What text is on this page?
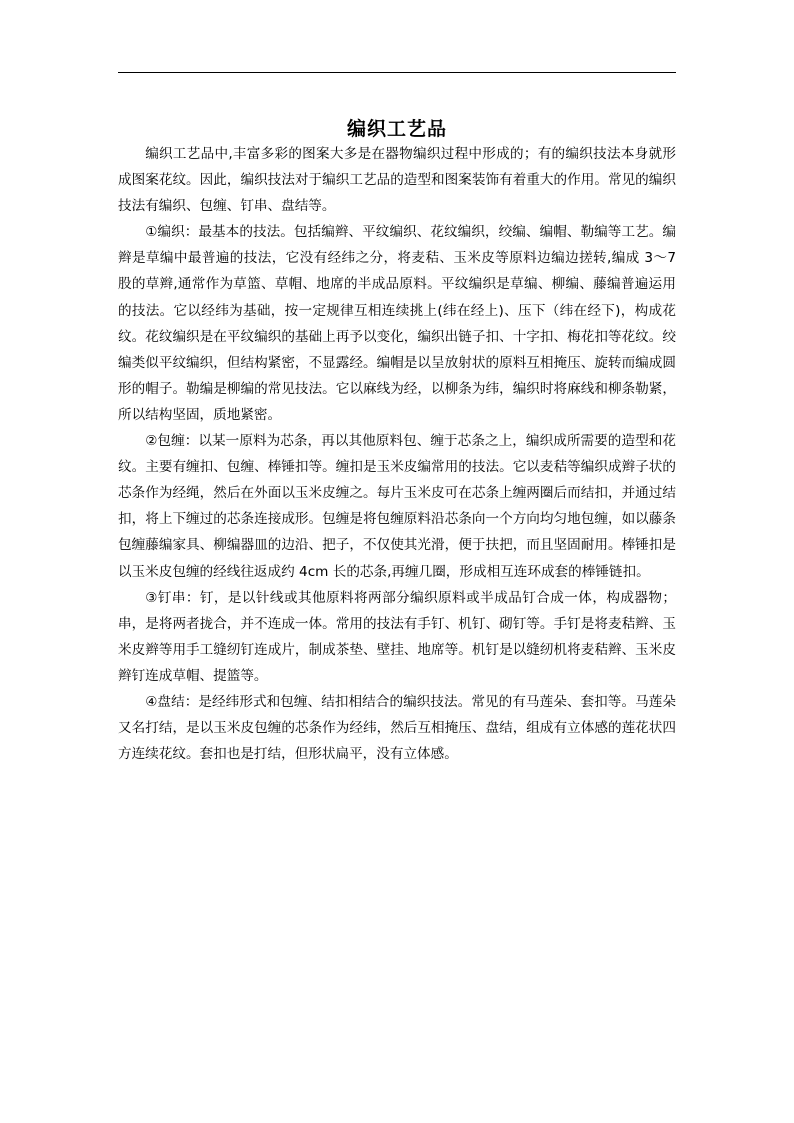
编织工艺品

编织工艺品中,丰富多彩的图案大多是在器物编织过程中形成的；有的编织技法本身就形成图案花纹。因此，编织技法对于编织工艺品的造型和图案装饰有着重大的作用。常见的编织技法有编织、包缠、钉串、盘结等。

①编织：最基本的技法。包括编辫、平纹编织、花纹编织，绞编、编帽、勒编等工艺。编辫是草编中最普遍的技法，它没有经纬之分，将麦秸、玉米皮等原料边编边搓转,编成 3～7 股的草辫,通常作为草篮、草帽、地席的半成品原料。平纹编织是草编、柳编、藤编普遍运用的技法。它以经纬为基础，按一定规律互相连续挑上(纬在经上)、压下（纬在经下)，构成花纹。花纹编织是在平纹编织的基础上再予以变化，编织出链子扣、十字扣、梅花扣等花纹。绞编类似平纹编织，但结构紧密，不显露经。编帽是以呈放射状的原料互相掩压、旋转而编成圆形的帽子。勒编是柳编的常见技法。它以麻线为经，以柳条为纬，编织时将麻线和柳条勒紧，所以结构坚固，质地紧密。

②包缠：以某一原料为芯条，再以其他原料包、缠于芯条之上，编织成所需要的造型和花纹。主要有缠扣、包缠、棒锤扣等。缠扣是玉米皮编常用的技法。它以麦秸等编织成辫子状的芯条作为经绳，然后在外面以玉米皮缠之。每片玉米皮可在芯条上缠两圈后而结扣，并通过结扣，将上下缠过的芯条连接成形。包缠是将包缠原料沿芯条向一个方向均匀地包缠，如以藤条包缠藤编家具、柳编器皿的边沿、把子，不仅使其光滑，便于扶把，而且坚固耐用。棒锤扣是以玉米皮包缠的经线往返成约 4cm 长的芯条,再缠几圈，形成相互连环成套的棒锤链扣。

③钉串：钉，是以针线或其他原料将两部分编织原料或半成品钉合成一体，构成器物；串，是将两者拢合，并不连成一体。常用的技法有手钉、机钉、砌钉等。手钉是将麦秸辫、玉米皮辫等用手工缝纫钉连成片，制成茶垫、壁挂、地席等。机钉是以缝纫机将麦秸辫、玉米皮辫钉连成草帽、提篮等。

④盘结：是经纬形式和包缠、结扣相结合的编织技法。常见的有马莲朵、套扣等。马莲朵又名打结，是以玉米皮包缠的芯条作为经纬，然后互相掩压、盘结，组成有立体感的莲花状四方连续花纹。套扣也是打结，但形状扁平，没有立体感。
